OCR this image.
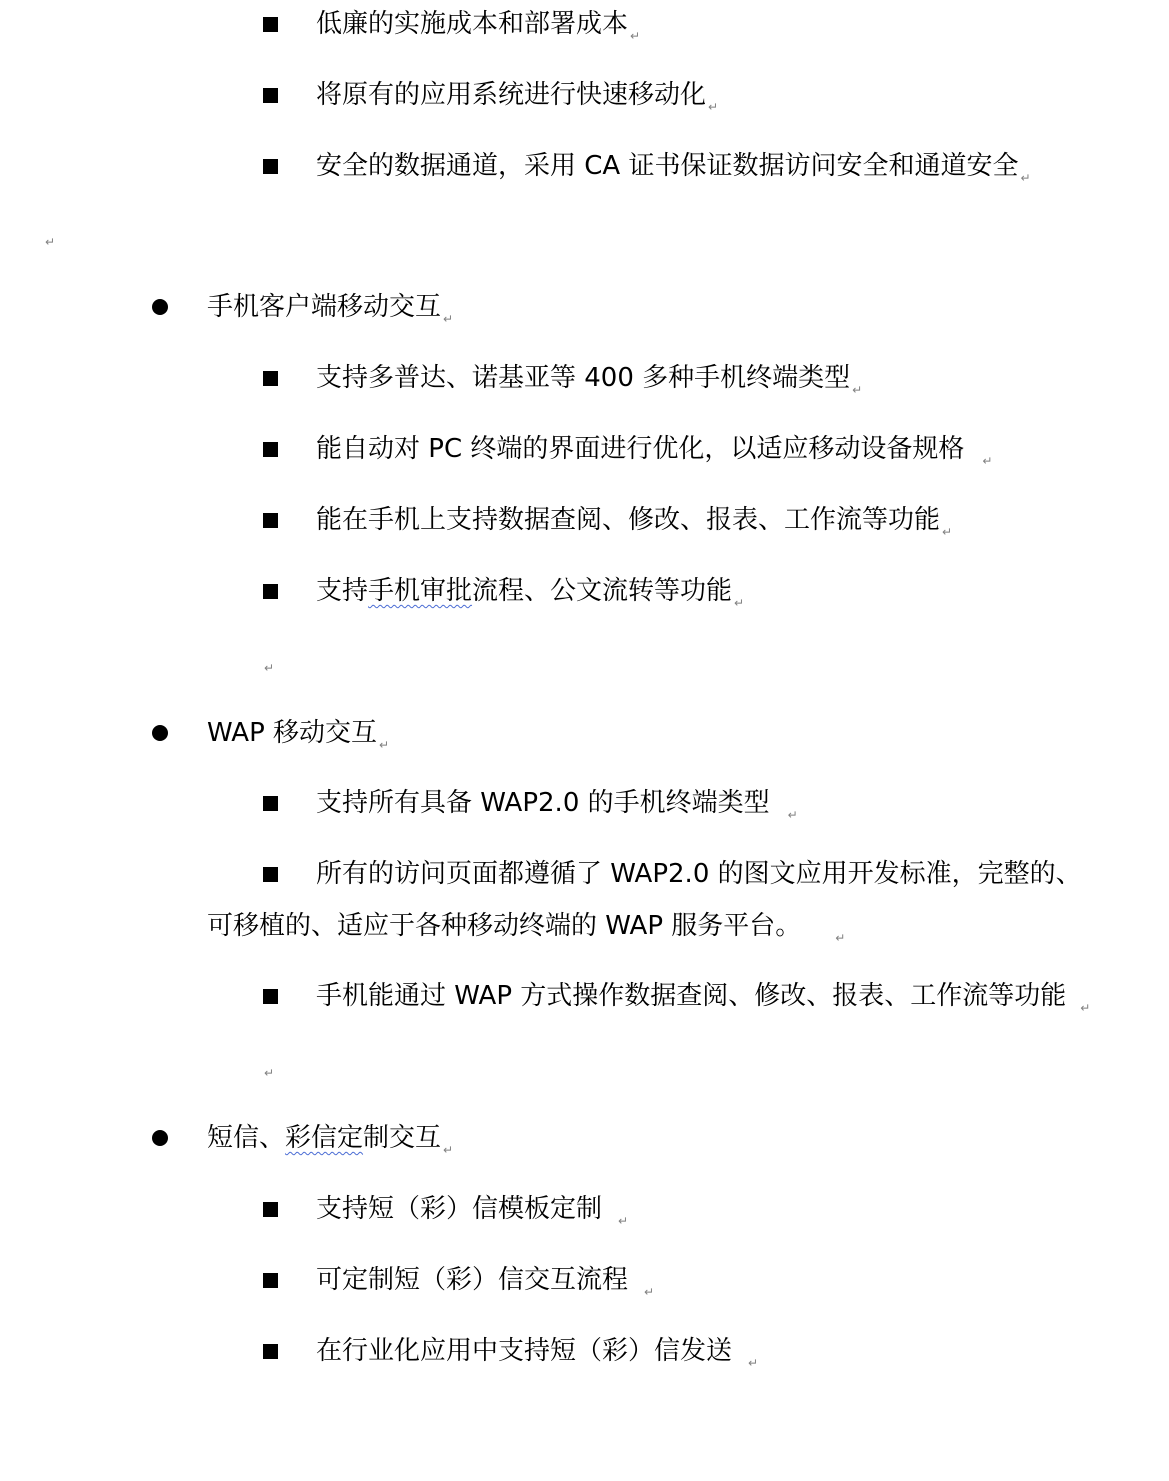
低廉的实施成本和部署成本 ↵
将原有的应用系统进行快速移动化 ↵
安全的数据通道，采用 CA 证书保证数据访问安全和通道安全 ↵
↵
手机客户端移动交互 ↵
支持多普达、诺基亚等 400 多种手机终端类型 ↵
能自动对 PC 终端的界面进行优化，以适应移动设备规格 ↵
能在手机上支持数据查阅、修改、报表、工作流等功能 ↵
支持手机审批流程、公文流转等功能 ↵
↵
WAP 移动交互 ↵
支持所有具备 WAP2.0 的手机终端类型 ↵
所有的访问页面都遵循了 WAP2.0 的图文应用开发标准，完整的、
可移植的、适应于各种移动终端的 WAP 服务平台。	↵
手机能通过 WAP 方式操作数据查阅、修改、报表、工作流等功能 ↵
↵
短信、彩信定制交互 ↵
支持短（彩）信模板定制 ↵
可定制短（彩）信交互流程 ↵
在行业化应用中支持短（彩）信发送 ↵
